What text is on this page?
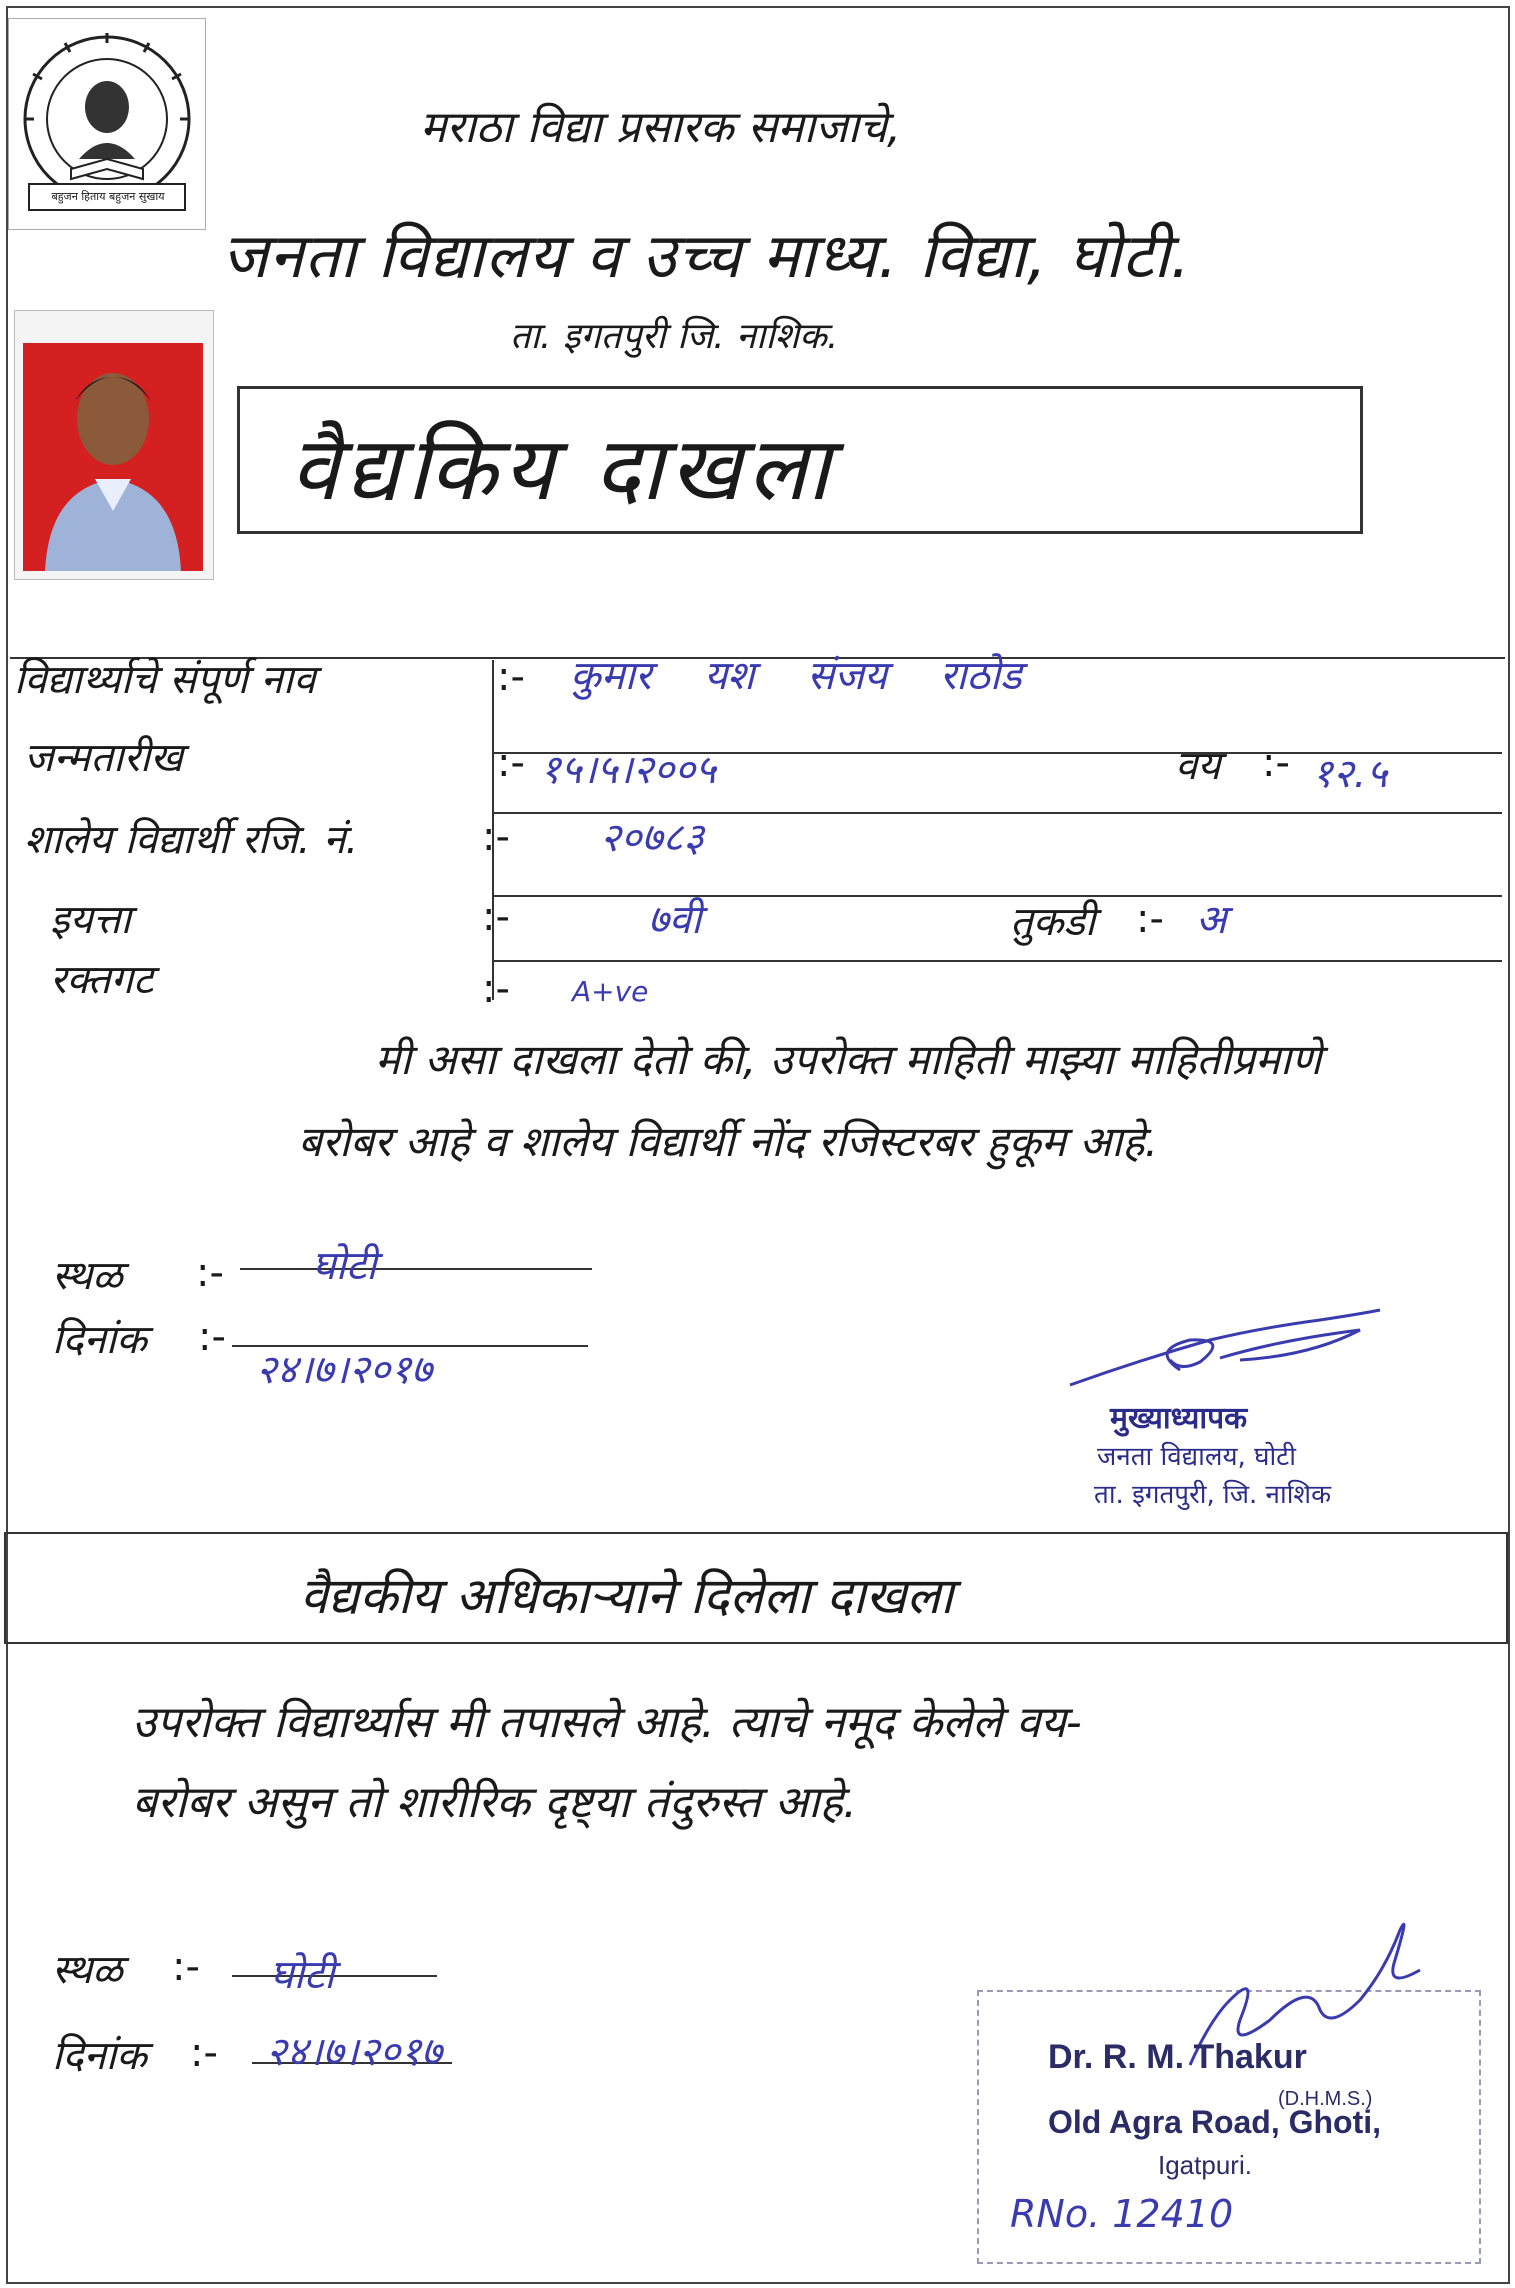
बहुजन हिताय बहुजन सुखाय
मराठा विद्या प्रसारक समाजाचे,
जनता विद्यालय व उच्च माध्य. विद्या, घोटी.
ता. इगतपुरी जि. नाशिक.
वैद्यकिय दाखला
विद्यार्थ्याचे संपूर्ण नाव	:- कुमार यश संजय राठोड
जन्मतारीख	:- १५।५।२००५	वय :- १२.५
शालेय विद्यार्थी रजि. नं.	:- २०७८३
इयत्ता	:-	७वी	तुकडी :- अ
रक्तगट	:- A+ve
मी असा दाखला देतो की, उपरोक्त माहिती माझ्या माहितीप्रमाणे
बरोबर आहे व शालेय विद्यार्थी नोंद रजिस्टरबर हुकूम आहे.
स्थळ :- घोटी
दिनांक :-
२४।७।२०१७
मुख्याध्यापक
जनता विद्यालय, घोटी
ता. इगतपुरी, जि. नाशिक
वैद्यकीय अधिकाऱ्याने दिलेला दाखला
उपरोक्त विद्यार्थ्यास मी तपासले आहे. त्याचे नमूद केलेले वय-
बरोबर असुन तो शारीरिक दृष्ट्या तंदुरुस्त आहे.
स्थळ :- घोटी
दिनांक :- २४।७।२०१७	Dr. R. M. Thakur
(D.H.M.S.)
Old Agra Road, Ghoti,
Igatpuri.
RNo. 12410
